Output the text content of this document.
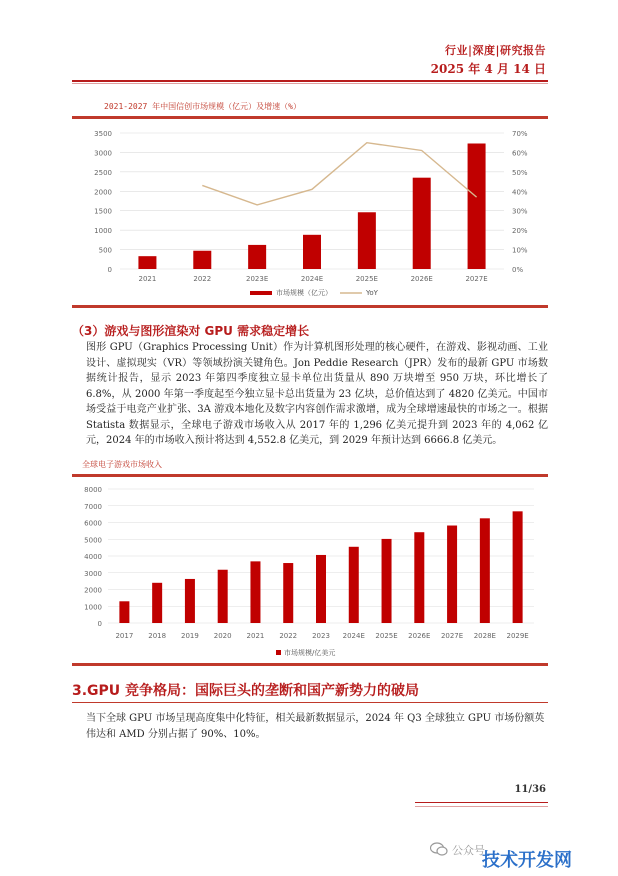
行业|深度|研究报告
2025 年 4 月 14 日
2021-2027 年中国信创市场规模（亿元）及增速（%）
0
500
1000
1500
2000
2500
3000
3500
0%
10%
20%
30%
40%
50%
60%
70%
2021	2022	2023E	2024E	2025E	2026E	2027E
市场规模（亿元）	YoY
（3）游戏与图形渲染对 GPU 需求稳定增长
图形 GPU（Graphics Processing Unit）作为计算机图形处理的核心硬件，在游戏、影视动画、工业设计、虚拟现实（VR）等领域扮演关键角色。Jon Peddie Research（JPR）发布的最新 GPU 市场数据统计报告，显示 2023 年第四季度独立显卡单位出货量从 890 万块增至 950 万块，环比增长了 6.8%，从 2000 年第一季度起至今独立显卡总出货量为 23 亿块，总价值达到了 4820 亿美元。中国市场受益于电竞产业扩张、3A 游戏本地化及数字内容创作需求激增，成为全球增速最快的市场之一。根据 Statista 数据显示，全球电子游戏市场收入从 2017 年的 1,296 亿美元提升到 2023 年的 4,062 亿元，2024 年的市场收入预计将达到 4,552.8 亿美元，到 2029 年预计达到 6666.8 亿美元。
全球电子游戏市场收入
0
1000
2000
3000
4000
5000
6000
7000
8000
2017 2018 2019 2020 2021 2022 2023 2024E 2025E 2026E 2027E 2028E 2029E
市场规模/亿美元
3.GPU 竞争格局：国际巨头的垄断和国产新势力的破局
当下全球 GPU 市场呈现高度集中化特征，相关最新数据显示，2024 年 Q3 全球独立 GPU 市场份额英伟达和 AMD 分别占据了 90%、10%。
11/36
公众号
技术开发网
